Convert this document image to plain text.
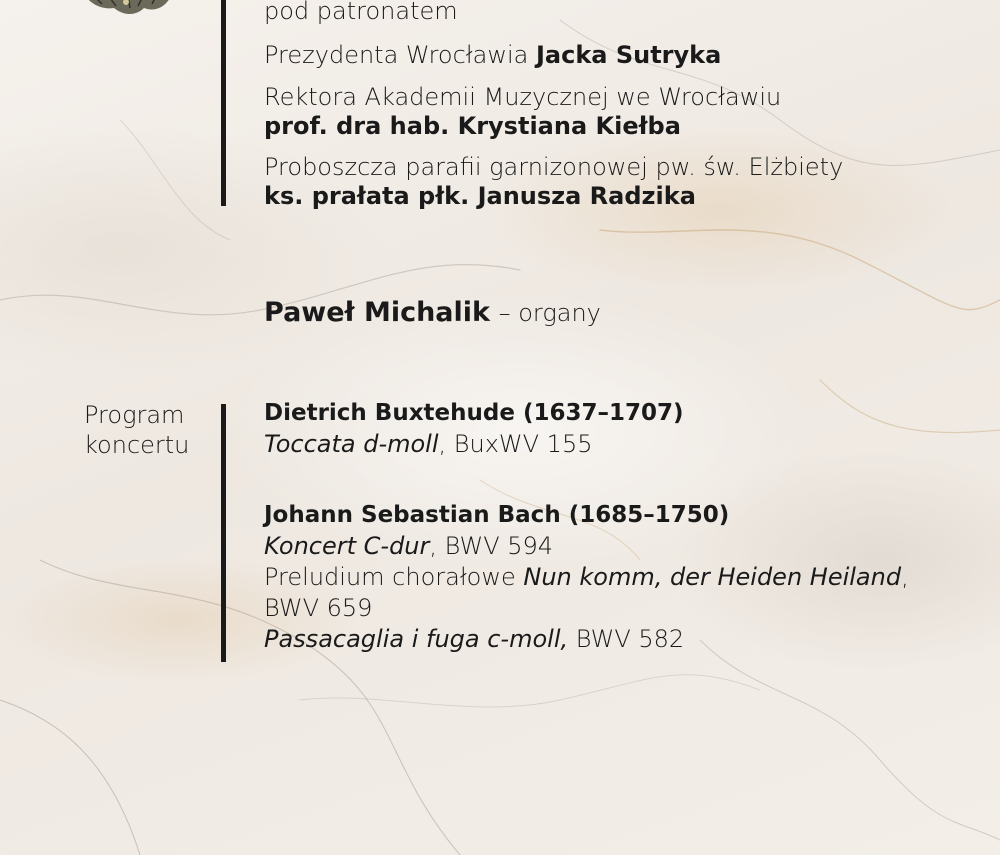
pod patronatem
Prezydenta Wrocławia Jacka Sutryka
Rektora Akademii Muzycznej we Wrocławiu
prof. dra hab. Krystiana Kiełba
Proboszcza parafii garnizonowej pw. św. Elżbiety
ks. prałata płk. Janusza Radzika
Paweł Michalik – organy
Program
koncertu
Dietrich Buxtehude (1637–1707)
Toccata d-moll, BuxWV 155
Johann Sebastian Bach (1685–1750)
Koncert C-dur, BWV 594
Preludium chorałowe Nun komm, der Heiden Heiland,
BWV 659
Passacaglia i fuga c-moll, BWV 582
